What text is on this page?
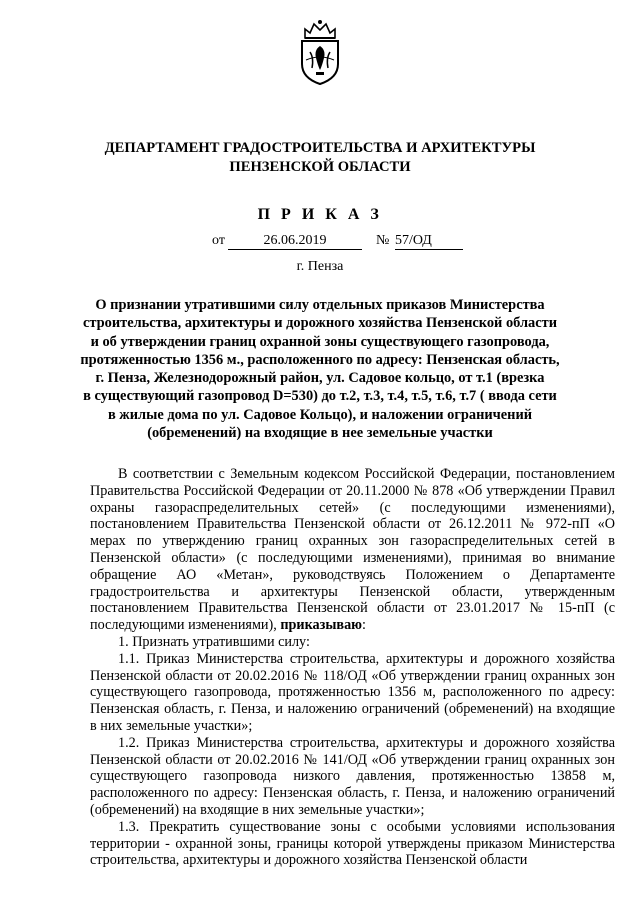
ДЕПАРТАМЕНТ ГРАДОСТРОИТЕЛЬСТВА И АРХИТЕКТУРЫ
ПЕНЗЕНСКОЙ ОБЛАСТИ
П Р И К А З
от	26.06.2019	№ 57/ОД
г. Пенза
О признании утратившими силу отдельных приказов Министерства
строительства, архитектуры и дорожного хозяйства Пензенской области
и об утверждении границ охранной зоны существующего газопровода,
протяженностью 1356 м., расположенного по адресу: Пензенская область,
г. Пенза, Железнодорожный район, ул. Садовое кольцо, от т.1 (врезка
в существующий газопровод D=530) до т.2, т.3, т.4, т.5, т.6, т.7 ( ввода сети
в жилые дома по ул. Садовое Кольцо), и наложении ограничений
(обременений) на входящие в нее земельные участки

В соответствии с Земельным кодексом Российской Федерации, постановлением Правительства Российской Федерации от 20.11.2000 № 878 «Об утверждении Правил охраны газораспределительных сетей» (с последующими изменениями), постановлением Правительства Пензенской области от 26.12.2011 № 972-пП «О мерах по утверждению границ охранных зон газораспределительных сетей в Пензенской области» (с последующими изменениями), принимая во внимание обращение АО «Метан», руководствуясь Положением о Департаменте градостроительства и архитектуры Пензенской области, утвержденным постановлением Правительства Пензенской области от 23.01.2017 № 15-пП (с последующими изменениями), приказываю:

1. Признать утратившими силу:

1.1. Приказ Министерства строительства, архитектуры и дорожного хозяйства Пензенской области от 20.02.2016 № 118/ОД «Об утверждении границ охранных зон существующего газопровода, протяженностью 1356 м, расположенного по адресу: Пензенская область, г. Пенза, и наложению ограничений (обременений) на входящие в них земельные участки»;

1.2. Приказ Министерства строительства, архитектуры и дорожного хозяйства Пензенской области от 20.02.2016 № 141/ОД «Об утверждении границ охранных зон существующего газопровода низкого давления, протяженностью 13858 м, расположенного по адресу: Пензенская область, г. Пенза, и наложению ограничений (обременений) на входящие в них земельные участки»;

1.3. Прекратить существование зоны с особыми условиями использования территории - охранной зоны, границы которой утверждены приказом Министерства строительства, архитектуры и дорожного хозяйства Пензенской области
